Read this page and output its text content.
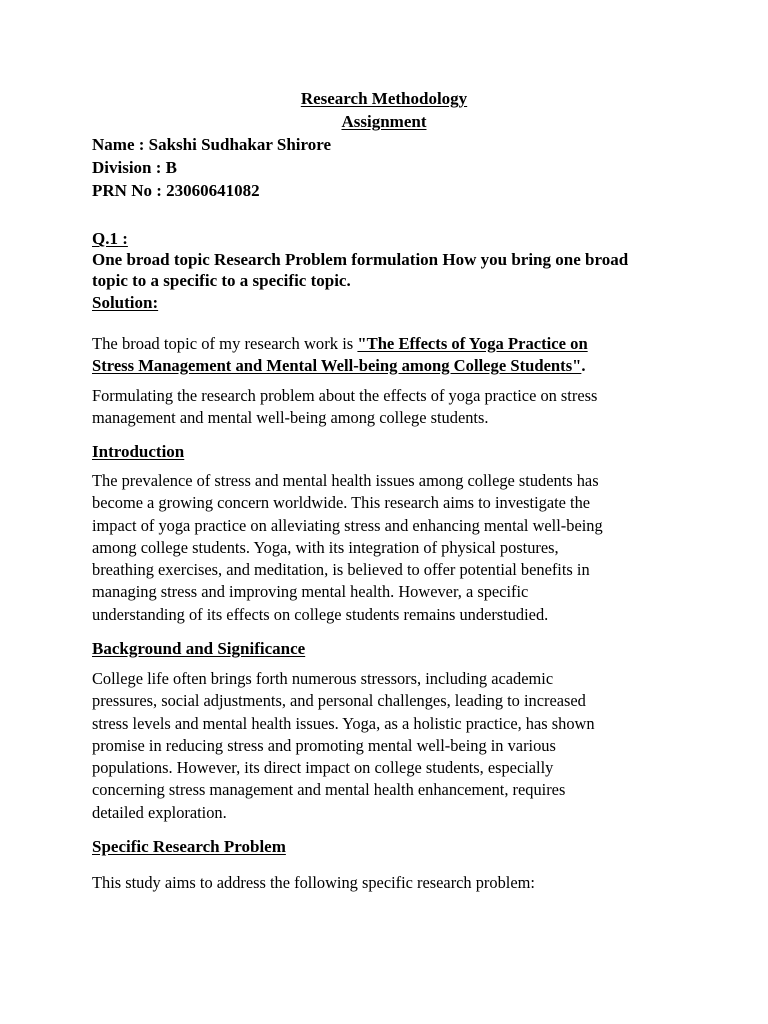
Research Methodology
Assignment
Name : Sakshi Sudhakar Shirore
Division : B
PRN No : 23060641082
Q.1 :
One broad topic Research Problem formulation How you bring one broad
topic to a specific to a specific topic.
Solution:
The broad topic of my research work is "The Effects of Yoga Practice on
Stress Management and Mental Well-being among College Students".
Formulating the research problem about the effects of yoga practice on stress
management and mental well-being among college students.
Introduction
The prevalence of stress and mental health issues among college students has
become a growing concern worldwide. This research aims to investigate the
impact of yoga practice on alleviating stress and enhancing mental well-being
among college students. Yoga, with its integration of physical postures,
breathing exercises, and meditation, is believed to offer potential benefits in
managing stress and improving mental health. However, a specific
understanding of its effects on college students remains understudied.
Background and Significance
College life often brings forth numerous stressors, including academic
pressures, social adjustments, and personal challenges, leading to increased
stress levels and mental health issues. Yoga, as a holistic practice, has shown
promise in reducing stress and promoting mental well-being in various
populations. However, its direct impact on college students, especially
concerning stress management and mental health enhancement, requires
detailed exploration.
Specific Research Problem
This study aims to address the following specific research problem:
